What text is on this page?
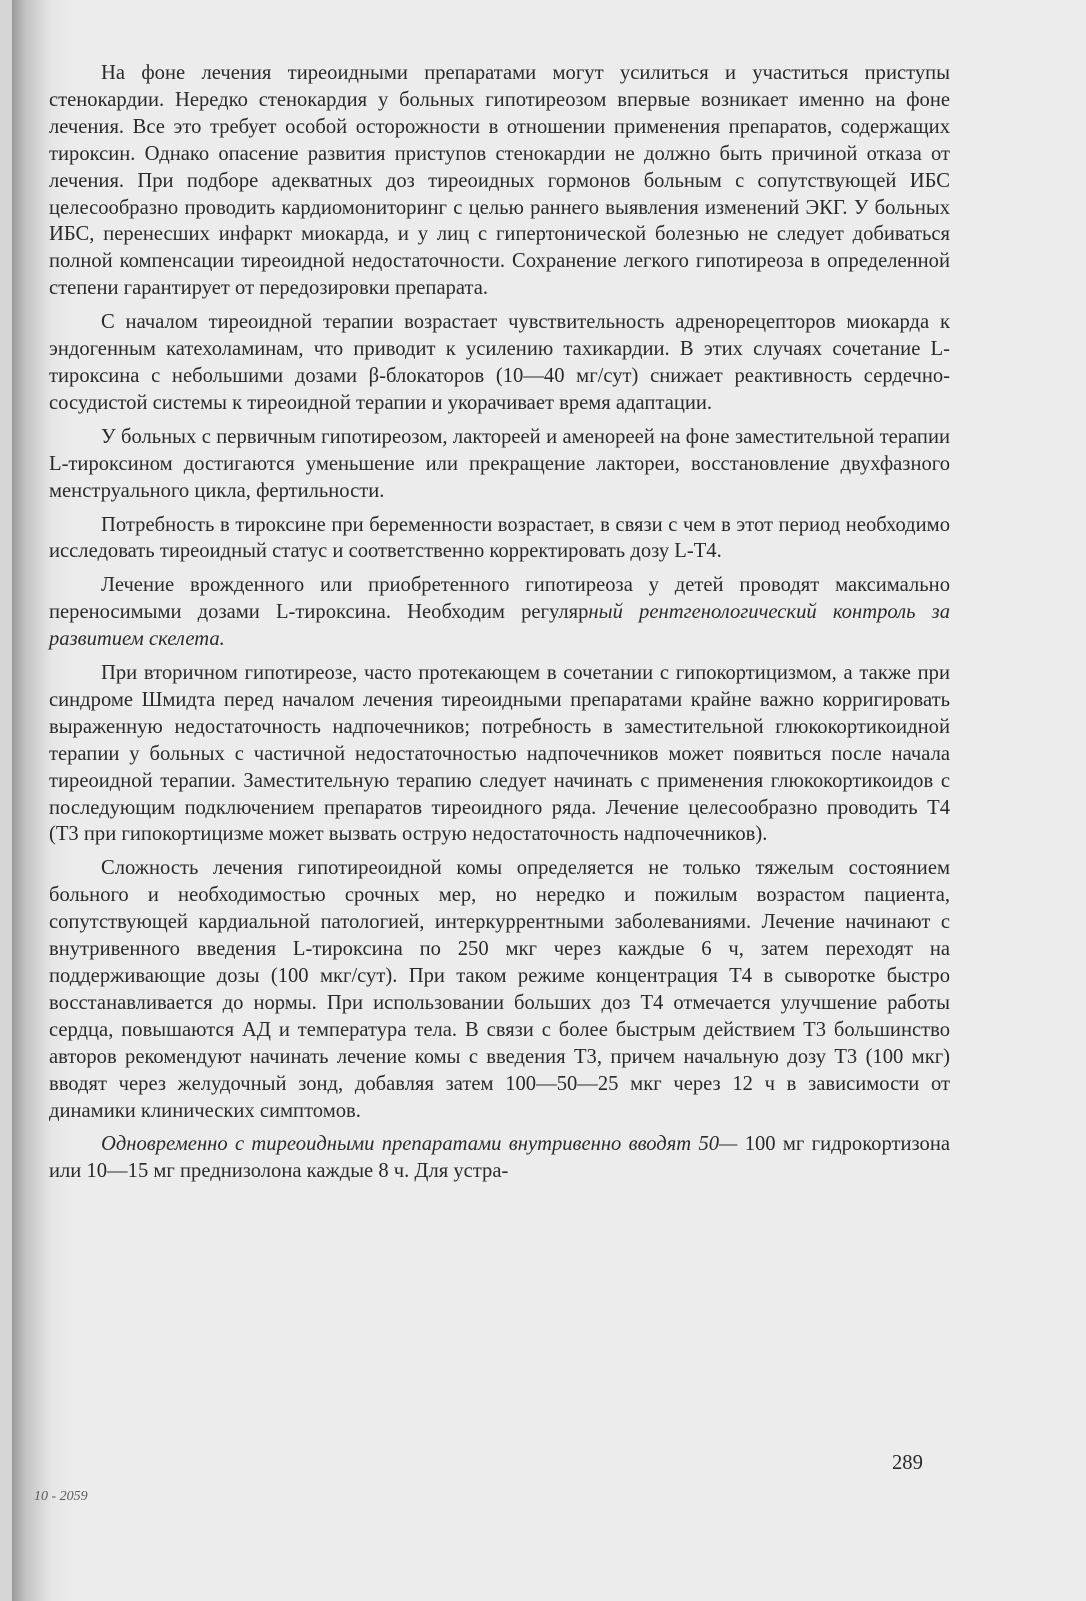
На фоне лечения тиреоидными препаратами могут усилиться и участиться приступы стенокардии. Нередко стенокардия у больных гипотиреозом впервые возникает именно на фоне лечения. Все это требует особой осторожности в отношении применения препаратов, содержащих тироксин. Однако опасение развития приступов стенокардии не должно быть причиной отказа от лечения. При подборе адекватных доз тиреоидных гормонов больным с сопутствующей ИБС целесообразно проводить кардиомониторинг с целью раннего выявления изменений ЭКГ. У больных ИБС, перенесших инфаркт миокарда, и у лиц с гипертонической болезнью не следует добиваться полной компенсации тиреоидной недостаточности. Сохранение легкого гипотиреоза в определенной степени гарантирует от передозировки препарата.

С началом тиреоидной терапии возрастает чувствительность адренорецепторов миокарда к эндогенным катехоламинам, что приводит к усилению тахикардии. В этих случаях сочетание L-тироксина с небольшими дозами β-блокаторов (10—40 мг/сут) снижает реактивность сердечно-сосудистой системы к тиреоидной терапии и укорачивает время адаптации.

У больных с первичным гипотиреозом, лактореей и аменореей на фоне заместительной терапии L-тироксином достигаются уменьшение или прекращение лактореи, восстановление двухфазного менструального цикла, фертильности.

Потребность в тироксине при беременности возрастает, в связи с чем в этот период необходимо исследовать тиреоидный статус и соответственно корректировать дозу L-T4.

Лечение врожденного или приобретенного гипотиреоза у детей проводят максимально переносимыми дозами L-тироксина. Необходим регулярный рентгенологический контроль за развитием скелета.

При вторичном гипотиреозе, часто протекающем в сочетании с гипокортицизмом, а также при синдроме Шмидта перед началом лечения тиреоидными препаратами крайне важно корригировать выраженную недостаточность надпочечников; потребность в заместительной глюкокортикоидной терапии у больных с частичной недостаточностью надпочечников может появиться после начала тиреоидной терапии. Заместительную терапию следует начинать с применения глюкокортикоидов с последующим подключением препаратов тиреоидного ряда. Лечение целесообразно проводить T4 (T3 при гипокортицизме может вызвать острую недостаточность надпочечников).

Сложность лечения гипотиреоидной комы определяется не только тяжелым состоянием больного и необходимостью срочных мер, но нередко и пожилым возрастом пациента, сопутствующей кардиальной патологией, интеркуррентными заболеваниями. Лечение начинают с внутривенного введения L-тироксина по 250 мкг через каждые 6 ч, затем переходят на поддерживающие дозы (100 мкг/сут). При таком режиме концентрация T4 в сыворотке быстро восстанавливается до нормы. При использовании больших доз T4 отмечается улучшение работы сердца, повышаются АД и температура тела. В связи с более быстрым действием T3 большинство авторов рекомендуют начинать лечение комы с введения T3, причем начальную дозу T3 (100 мкг) вводят через желудочный зонд, добавляя затем 100—50—25 мкг через 12 ч в зависимости от динамики клинических симптомов.

Одновременно с тиреоидными препаратами внутривенно вводят 50— 100 мг гидрокортизона или 10—15 мг преднизолона каждые 8 ч. Для устра-

289
10 - 2059
